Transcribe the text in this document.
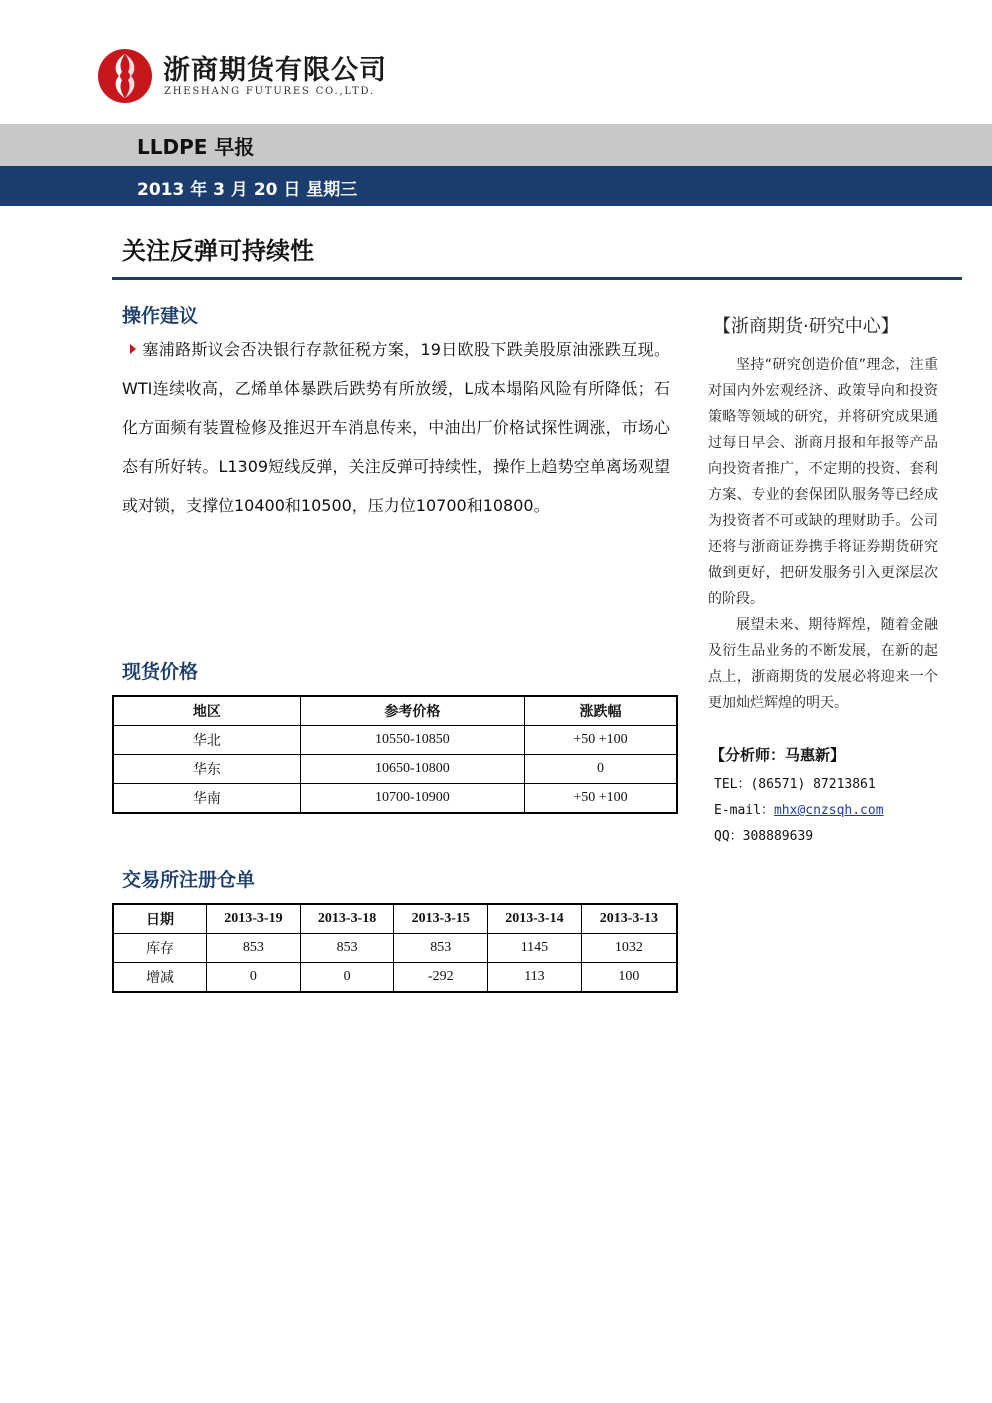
浙商期货有限公司
ZHESHANG FUTURES CO.,LTD.
LLDPE 早报
2013 年 3 月 20 日 星期三
关注反弹可持续性
操作建议
塞浦路斯议会否决银行存款征税方案，19日欧股下跌美股原油涨跌互现。WTI连续收高，乙烯单体暴跌后跌势有所放缓，L成本塌陷风险有所降低；石化方面频有装置检修及推迟开车消息传来，中油出厂价格试探性调涨，市场心态有所好转。L1309短线反弹，关注反弹可持续性，操作上趋势空单离场观望或对锁，支撑位10400和10500，压力位10700和10800。
现货价格
地区	参考价格	涨跌幅
华北	10550-10850	+50 +100
华东	10650-10800	0
华南	10700-10900	+50 +100
交易所注册仓单
日期	2013-3-19	2013-3-18	2013-3-15	2013-3-14	2013-3-13
库存	853	853	853	1145	1032
增减	0	0	-292	113	100
【浙商期货·研究中心】

坚持“研究创造价值”理念，注重对国内外宏观经济、政策导向和投资策略等领域的研究，并将研究成果通过每日早会、浙商月报和年报等产品向投资者推广，不定期的投资、套利方案、专业的套保团队服务等已经成为投资者不可或缺的理财助手。公司还将与浙商证券携手将证券期货研究做到更好，把研发服务引入更深层次的阶段。

展望未来、期待辉煌，随着金融及衍生品业务的不断发展，在新的起点上，浙商期货的发展必将迎来一个更加灿烂辉煌的明天。

【分析师：马惠新】
TEL：(86571) 87213861
E-mail：mhx@cnzsqh.com
QQ：308889639
